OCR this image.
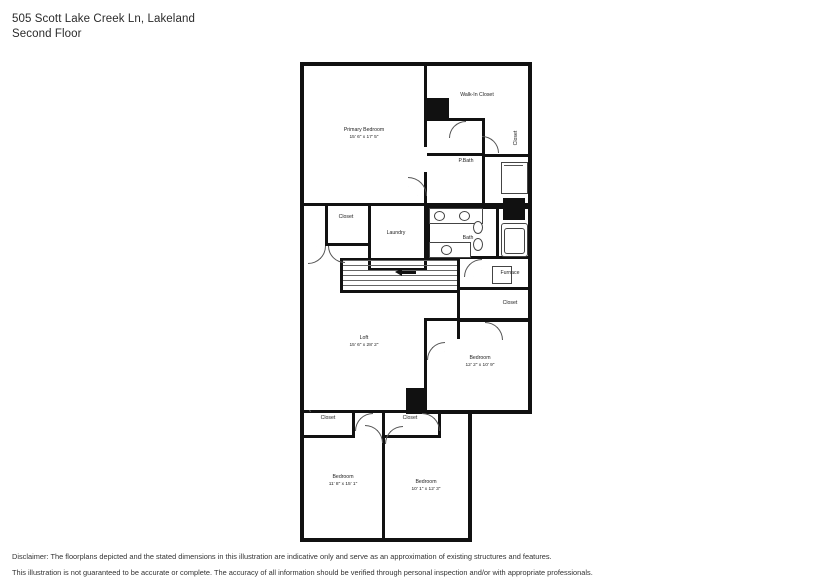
505 Scott Lake Creek Ln, Lakeland
Second Floor
Primary Bedroom
15' 6" x 17' 5"
Walk-In Closet
Closet
P.Bath
Closet
Laundry
Bath
Furnace
Closet
Loft
15' 6" x 28' 2"
Bedroom
12' 2" x 10' 9"
Closet	Closet
Bedroom
11' 8" x 15' 1"	Bedroom
10' 1" x 12' 3"
Disclaimer: The floorplans depicted and the stated dimensions in this illustration are indicative only and serve as an approximation of existing structures and features.
This illustration is not guaranteed to be accurate or complete. The accuracy of all information should be verified through personal inspection and/or with appropriate professionals.
